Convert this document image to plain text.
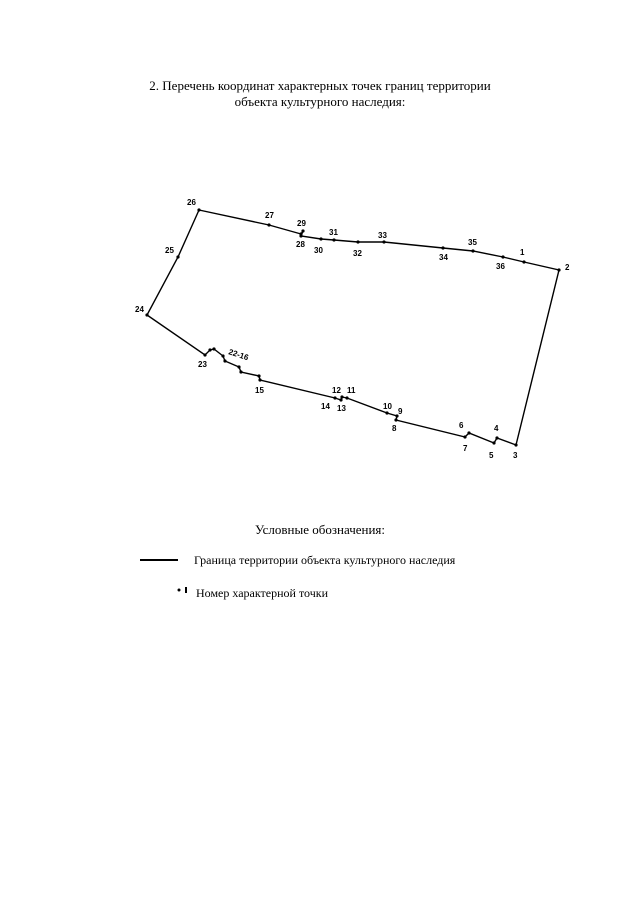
2. Перечень координат характерных точек границ территории
объекта культурного наследия:
1
2
3
4
5
6
7
8
9
10
11
12
13
14
15
22-16
23
24
25
26
27
28
29
30
31
32
33
34
35
36
Условные обозначения:
Граница территории объекта культурного наследия
Номер характерной точки
